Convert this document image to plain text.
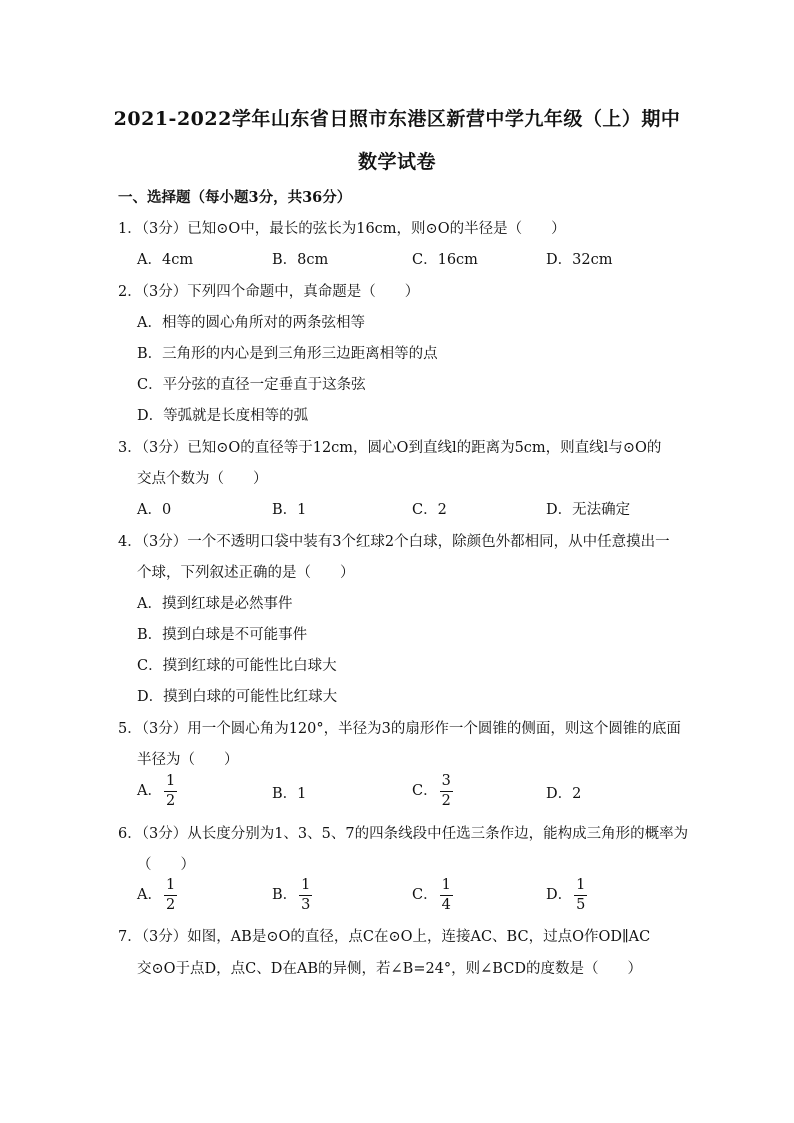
2021-2022学年山东省日照市东港区新营中学九年级（上）期中
数学试卷
一、选择题（每小题3分，共36分）
1．（3分）已知⊙O中，最长的弦长为16cm，则⊙O的半径是（　　）
A．4cm	B．8cm	C．16cm	D．32cm
2．（3分）下列四个命题中，真命题是（　　）
A．相等的圆心角所对的两条弦相等
B．三角形的内心是到三角形三边距离相等的点
C．平分弦的直径一定垂直于这条弦
D．等弧就是长度相等的弧
3．（3分）已知⊙O的直径等于12cm，圆心O到直线l的距离为5cm，则直线l与⊙O的
交点个数为（　　）
A．0	B．1	C．2	D．无法确定
4．（3分）一个不透明口袋中装有3个红球2个白球，除颜色外都相同，从中任意摸出一
个球，下列叙述正确的是（　　）
A．摸到红球是必然事件
B．摸到白球是不可能事件
C．摸到红球的可能性比白球大
D．摸到白球的可能性比红球大
5．（3分）用一个圆心角为120°，半径为3的扇形作一个圆锥的侧面，则这个圆锥的底面
半径为（　　）
A． $\frac{1}{2}$	B．1	C． $\frac{3}{2}$	D．2
6．（3分）从长度分别为1、3、5、7的四条线段中任选三条作边，能构成三角形的概率为
（　　）
A． $\frac{1}{2}$	B． $\frac{1}{3}$	C． $\frac{1}{4}$	D． $\frac{1}{5}$
7．（3分）如图，AB是⊙O的直径，点C在⊙O上，连接AC、BC，过点O作OD∥AC
交⊙O于点D，点C、D在AB的异侧，若∠B=24°，则∠BCD的度数是（　　）
